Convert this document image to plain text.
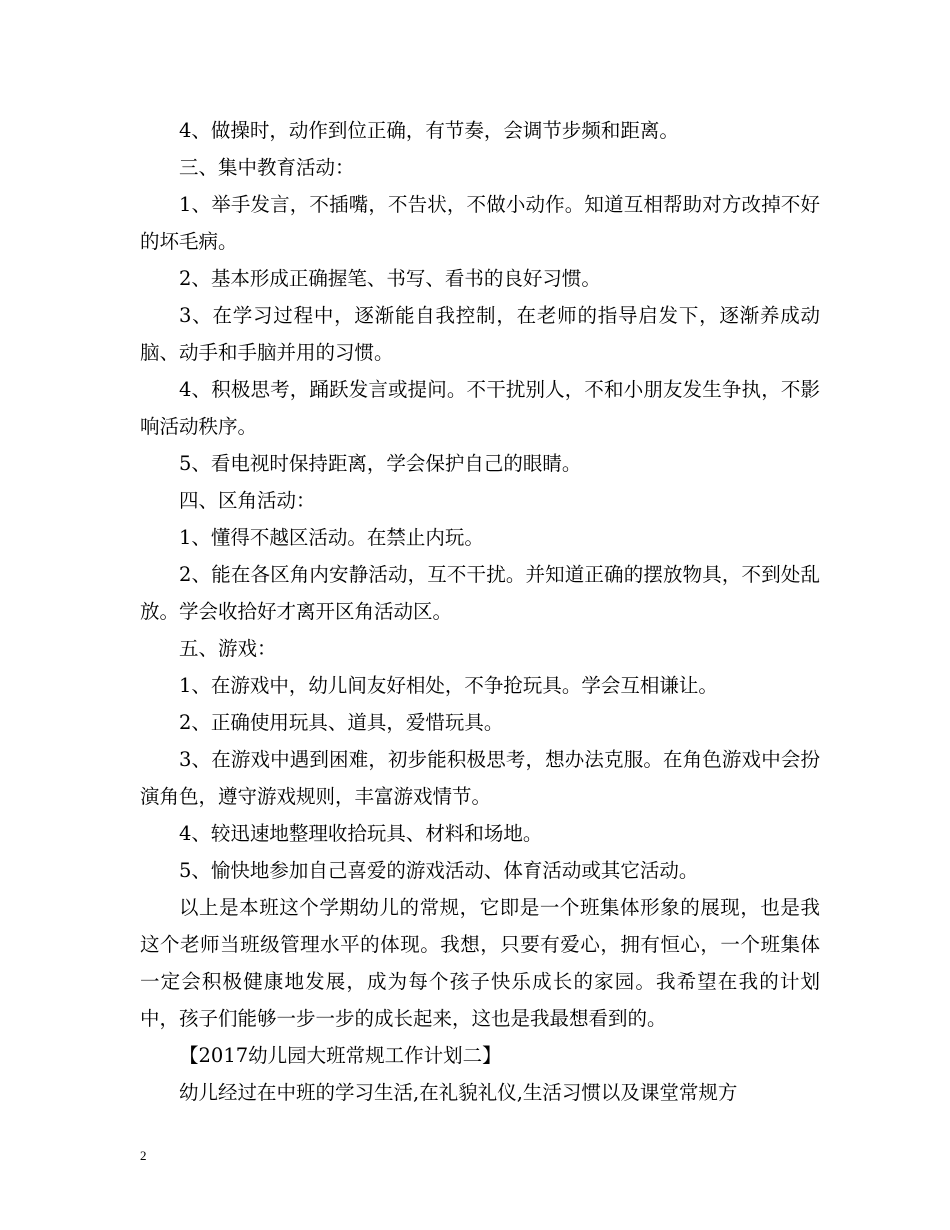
4、做操时，动作到位正确，有节奏，会调节步频和距离。

三、集中教育活动：

1、举手发言，不插嘴，不告状，不做小动作。知道互相帮助对方改掉不好的坏毛病。

2、基本形成正确握笔、书写、看书的良好习惯。

3、在学习过程中，逐渐能自我控制，在老师的指导启发下，逐渐养成动脑、动手和手脑并用的习惯。

4、积极思考，踊跃发言或提问。不干扰别人，不和小朋友发生争执，不影响活动秩序。

5、看电视时保持距离，学会保护自己的眼睛。

四、区角活动：

1、懂得不越区活动。在禁止内玩。

2、能在各区角内安静活动，互不干扰。并知道正确的摆放物具，不到处乱放。学会收拾好才离开区角活动区。

五、游戏：

1、在游戏中，幼儿间友好相处，不争抢玩具。学会互相谦让。

2、正确使用玩具、道具，爱惜玩具。

3、在游戏中遇到困难，初步能积极思考，想办法克服。在角色游戏中会扮演角色，遵守游戏规则，丰富游戏情节。

4、较迅速地整理收拾玩具、材料和场地。

5、愉快地参加自己喜爱的游戏活动、体育活动或其它活动。

以上是本班这个学期幼儿的常规，它即是一个班集体形象的展现，也是我这个老师当班级管理水平的体现。我想，只要有爱心，拥有恒心，一个班集体一定会积极健康地发展，成为每个孩子快乐成长的家园。我希望在我的计划中，孩子们能够一步一步的成长起来，这也是我最想看到的。

【2017幼儿园大班常规工作计划二】

幼儿经过在中班的学习生活,在礼貌礼仪,生活习惯以及课堂常规方

2
